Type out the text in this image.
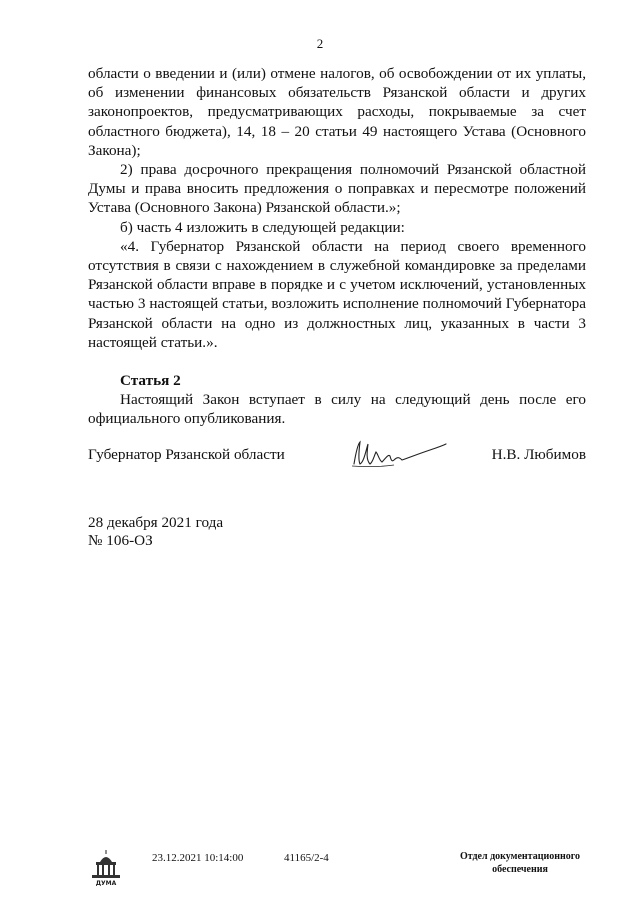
2

области о введении и (или) отмене налогов, об освобождении от их уплаты, об изменении финансовых обязательств Рязанской области и других законопроектов, предусматривающих расходы, покрываемые за счет областного бюджета), 14, 18 – 20 статьи 49 настоящего Устава (Основного Закона);

2) права досрочного прекращения полномочий Рязанской областной Думы и права вносить предложения о поправках и пересмотре положений Устава (Основного Закона) Рязанской области.»;

б) часть 4 изложить в следующей редакции:

«4. Губернатор Рязанской области на период своего временного отсутствия в связи с нахождением в служебной командировке за пределами Рязанской области вправе в порядке и с учетом исключений, установленных частью 3 настоящей статьи, возложить исполнение полномочий Губернатора Рязанской области на одно из должностных лиц, указанных в части 3 настоящей статьи.».

Статья 2

Настоящий Закон вступает в силу на следующий день после его официального опубликования.

Губернатор Рязанской области	Н.В. Любимов
28 декабря 2021 года
№ 106-ОЗ
ДУМА
23.12.2021 10:14:00	41165/2-4	Отдел документационного
обеспечения
